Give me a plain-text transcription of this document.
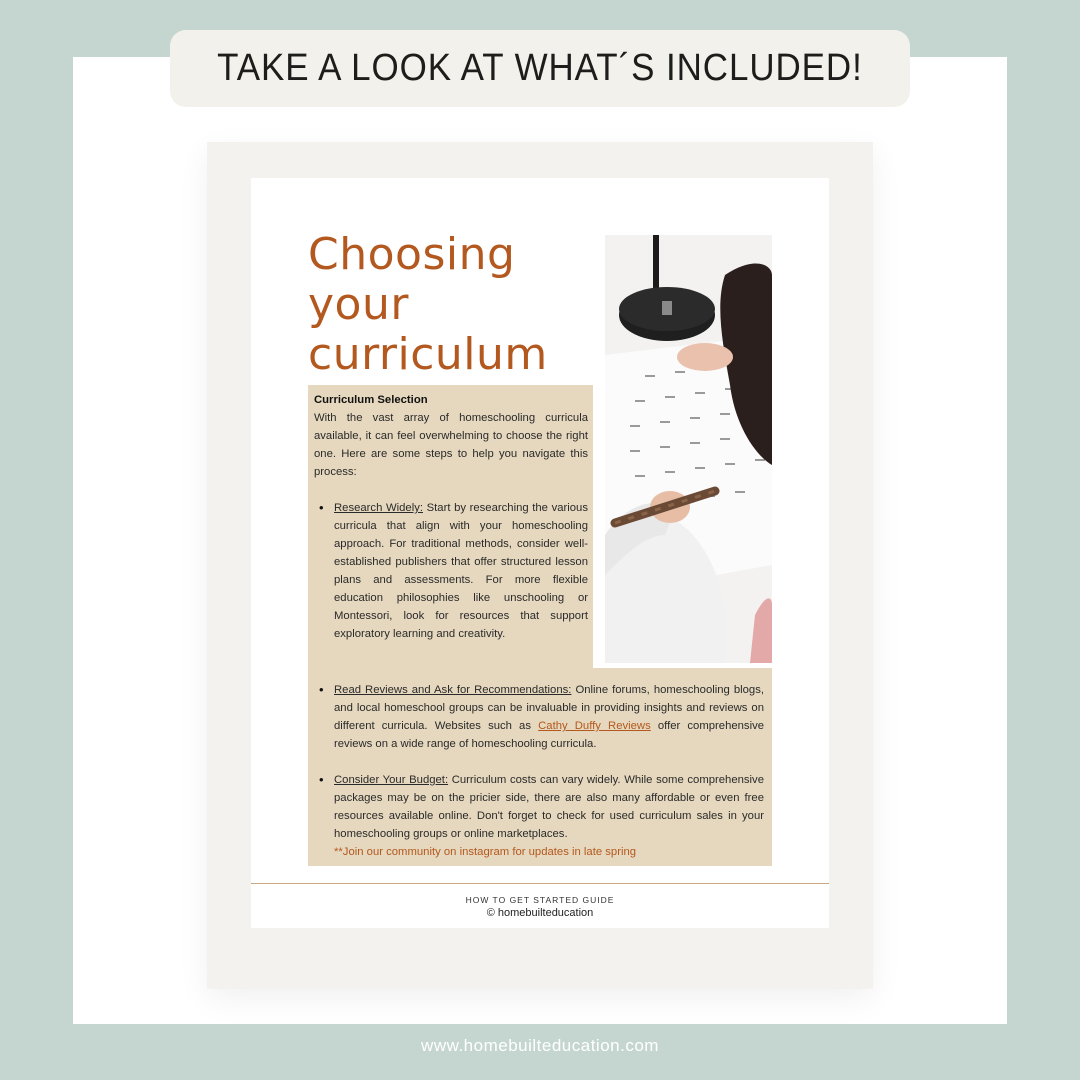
TAKE A LOOK AT WHAT´S INCLUDED!
Choosing
your
curriculum

Curriculum Selection

With the vast array of homeschooling curricula available, it can feel overwhelming to choose the right one. Here are some steps to help you navigate this process:

• Research Widely: Start by researching the various curricula that align with your homeschooling approach. For traditional methods, consider well-established publishers that offer structured lesson plans and assessments. For more flexible education philosophies like unschooling or Montessori, look for resources that support exploratory learning and creativity.

• Read Reviews and Ask for Recommendations: Online forums, homeschooling blogs, and local homeschool groups can be invaluable in providing insights and reviews on different curricula. Websites such as Cathy Duffy Reviews offer comprehensive reviews on a wide range of homeschooling curricula.

• Consider Your Budget: Curriculum costs can vary widely. While some comprehensive packages may be on the pricier side, there are also many affordable or even free resources available online. Don't forget to check for used curriculum sales in your homeschooling groups or online marketplaces.
**Join our community on instagram for updates in late spring

HOW TO GET STARTED GUIDE
© homebuilteducation
www.homebuilteducation.com
